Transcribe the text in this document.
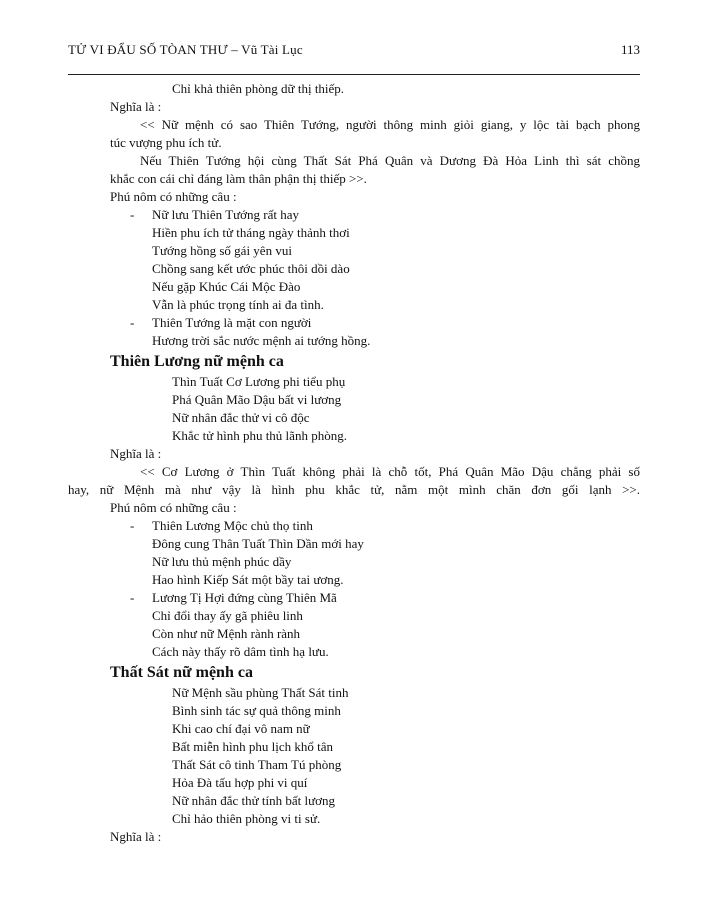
TỬ VI ĐẨU SỐ TÒAN THƯ – Vũ Tài Lục	113
Chỉ khả thiên phòng dữ thị thiếp.
Nghĩa là :
<< Nữ mệnh có sao Thiên Tướng, người thông minh giỏi giang, y lộc tài bạch phong
túc vượng phu ích tử.
Nếu Thiên Tướng hội cùng Thất Sát Phá Quân và Dương Đà Hỏa Linh thì sát chồng
khắc con cái chỉ đáng làm thân phận thị thiếp >>.
Phú nôm có những câu :
- Nữ lưu Thiên Tướng rất hay
Hiền phu ích tử tháng ngày thảnh thơi
Tướng hồng số gái yên vui
Chồng sang kết ước phúc thôi dồi dào
Nếu gặp Khúc Cái Mộc Đào
Vẫn là phúc trọng tính ai đa tình.
- Thiên Tướng là mặt con người
Hương trời sắc nước mệnh ai tướng hồng.
Thiên Lương nữ mệnh ca
Thìn Tuất Cơ Lương phi tiểu phụ
Phá Quân Mão Dậu bất vi lương
Nữ nhân đắc thử vi cô độc
Khắc tử hình phu thủ lãnh phòng.
Nghĩa là :
<< Cơ Lương ở Thìn Tuất không phải là chỗ tốt, Phá Quân Mão Dậu chẳng phải số
hay, nữ Mệnh mà như vậy là hình phu khắc tử, nằm một mình chăn đơn gối lạnh >>.
Phú nôm có những câu :
- Thiên Lương Mộc chủ thọ tinh
Đông cung Thân Tuất Thìn Dần mới hay
Nữ lưu thủ mệnh phúc dầy
Hao hình Kiếp Sát một bầy tai ương.
- Lương Tị Hợi đứng cùng Thiên Mã
Chỉ đổi thay ấy gã phiêu linh
Còn như nữ Mệnh rành rành
Cách này thấy rõ dâm tình hạ lưu.
Thất Sát nữ mệnh ca
Nữ Mệnh sầu phùng Thất Sát tinh
Bình sinh tác sự quả thông minh
Khi cao chí đại vô nam nữ
Bất miễn hình phu lịch khổ tân
Thất Sát cô tinh Tham Tú phòng
Hỏa Đà tấu hợp phi vi quí
Nữ nhân đắc thử tính bất lương
Chỉ hảo thiên phòng vi ti sử.
Nghĩa là :
